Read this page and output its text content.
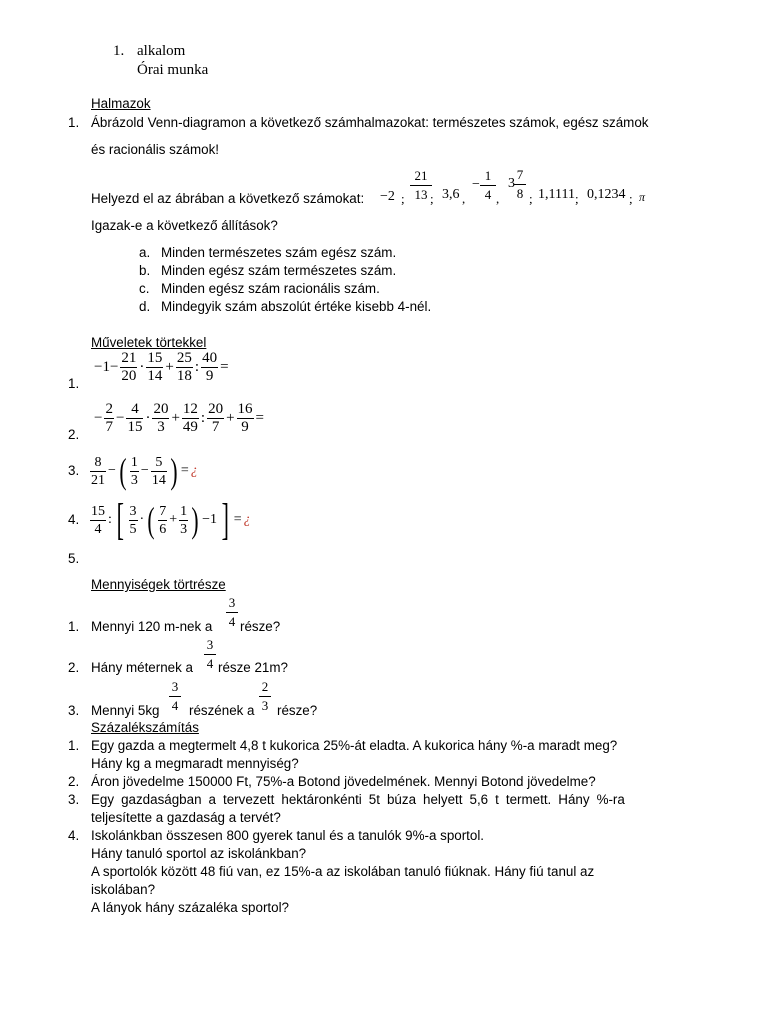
1. alkalom
Órai munka
Halmazok
1. Ábrázold Venn-diagramon a következő számhalmazokat: természetes számok, egész számok
és racionális számok!
Helyezd el az ábrában a következő számokat: −2 ; $\frac{21}{13}$
; 3,6 ,
− $\frac{1}{4}$ ,
$3 \frac{7}{8}$ ; 1,1111 ; 0,1234 ; π
Igazak-e a következő állítások?
a. Minden természetes szám egész szám.
b. Minden egész szám természetes szám.
c. Minden egész szám racionális szám.
d. Mindegyik szám abszolút értéke kisebb 4-nél.
Műveletek törtekkel
1.
$-1- \frac{21}{20} \cdot \frac{15}{14} + \frac{25}{18}$ : $\frac{40}{9}$ =
2.
− $\frac{2}{7} - \frac{4}{15} \cdot \frac{20}{3} + \frac{12}{49}$ : $\frac{20}{7} + \frac{16}{9}$ =
3. $\frac{8}{21}$ −( $\frac{1}{3} - \frac{5}{14}$ ) = ¿
4. $\frac{15}{4}$ : [ $\frac{3}{5}$ ·( $\frac{7}{6} + \frac{1}{3}$ ) −1 ] = ¿
5.
Mennyiségek törtrésze
1. Mennyi 120 m-nek a $\frac{3}{4}$ része?
2. Hány méternek a $\frac{3}{4}$ része 21m?
3. Mennyi $5kg \frac{3}{4}$ részének a $\frac{2}{3}$ része?
Százalékszámítás
1. Egy gazda a megtermelt 4,8 t kukorica 25%-át eladta. A kukorica hány %-a maradt meg?
Hány kg a megmaradt mennyiség?
2. Áron jövedelme 150000 Ft, 75%-a Botond jövedelmének. Mennyi Botond jövedelme?
3. Egy gazdaságban a tervezett hektáronkénti 5t búza helyett 5,6 t termett. Hány %-ra
teljesítette a gazdaság a tervét?
4. Iskolánkban összesen 800 gyerek tanul és a tanulók 9%-a sportol.
Hány tanuló sportol az iskolánkban?
A sportolók között 48 fiú van, ez 15%-a az iskolában tanuló fiúknak. Hány fiú tanul az
iskolában?
A lányok hány százaléka sportol?
